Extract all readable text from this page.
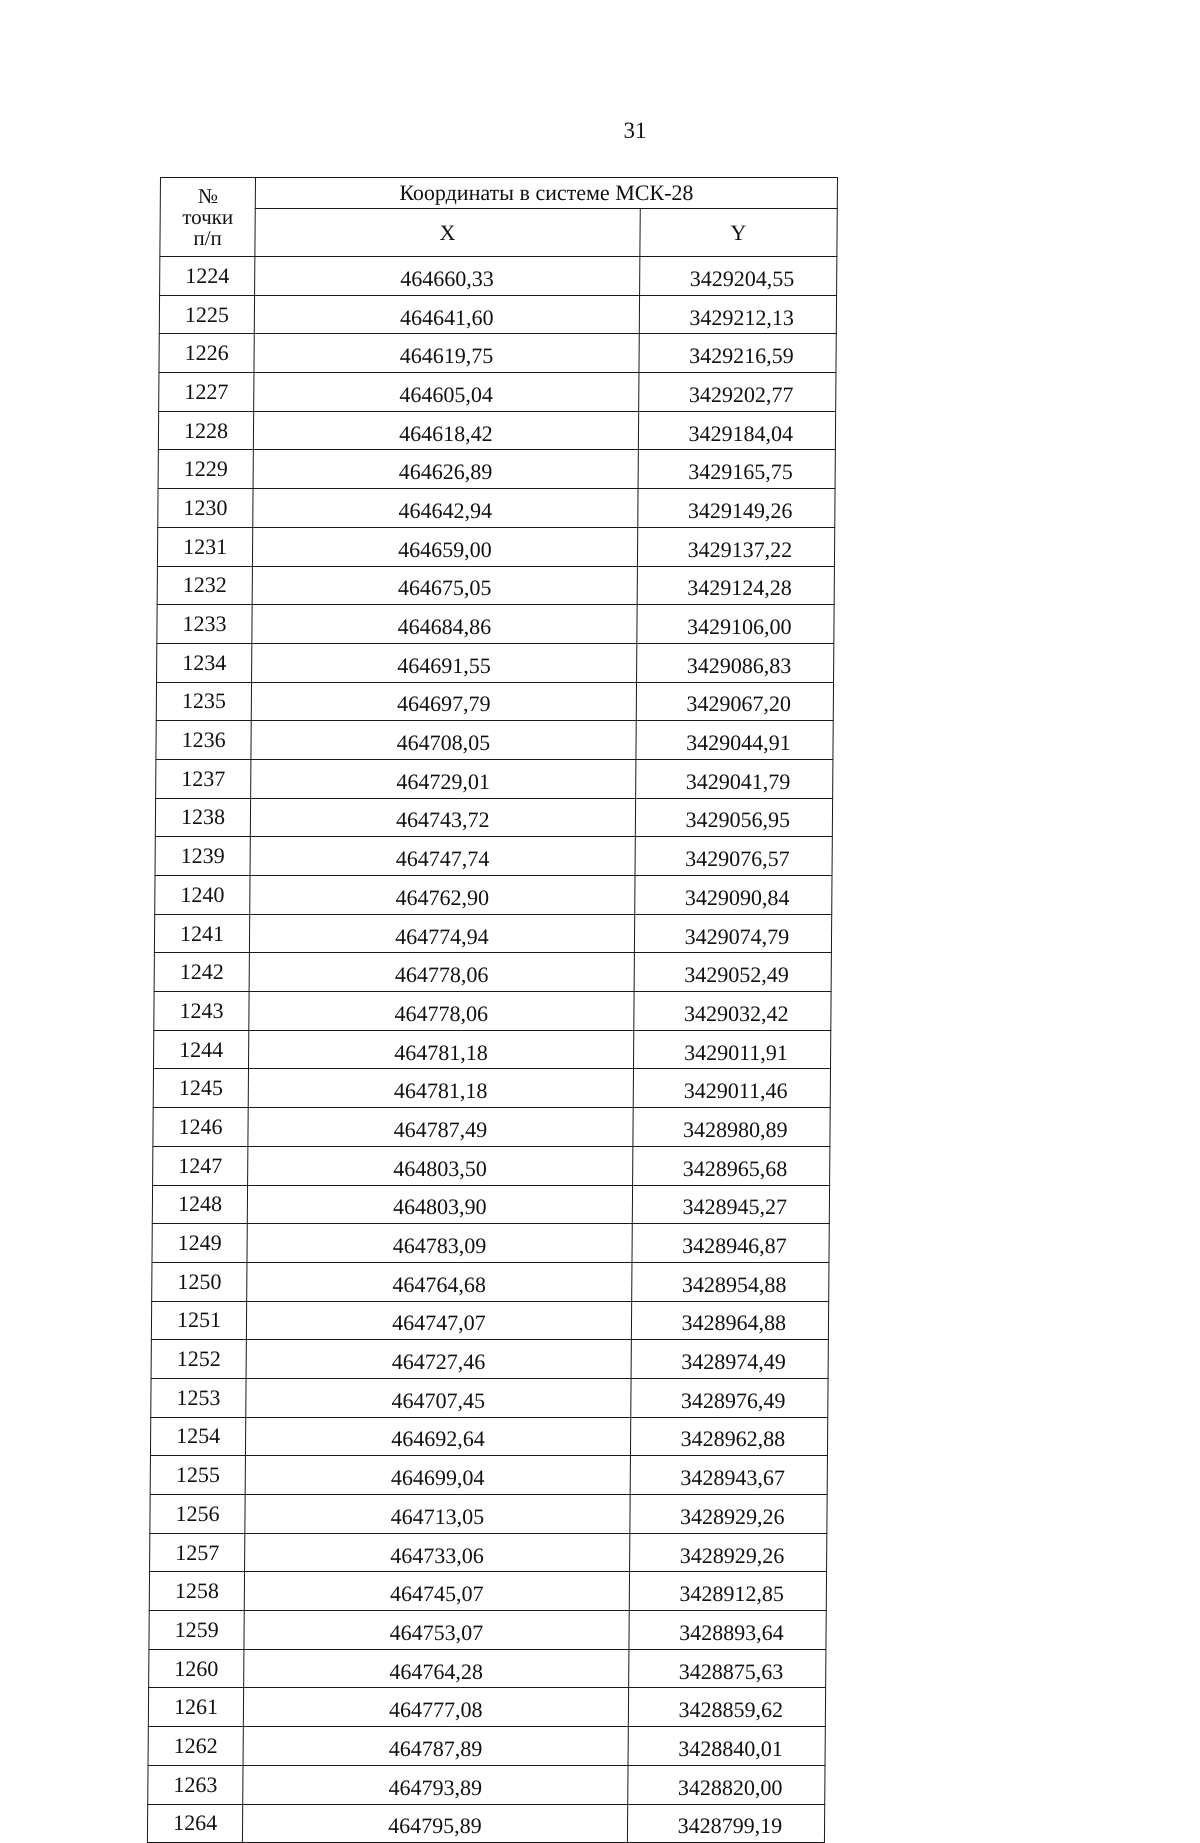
31
№
точки
п/п	Координаты в системе МСК-28	
	X	Y
1224	464660,33	3429204,55
1225	464641,60	3429212,13
1226	464619,75	3429216,59
1227	464605,04	3429202,77
1228	464618,42	3429184,04
1229	464626,89	3429165,75
1230	464642,94	3429149,26
1231	464659,00	3429137,22
1232	464675,05	3429124,28
1233	464684,86	3429106,00
1234	464691,55	3429086,83
1235	464697,79	3429067,20
1236	464708,05	3429044,91
1237	464729,01	3429041,79
1238	464743,72	3429056,95
1239	464747,74	3429076,57
1240	464762,90	3429090,84
1241	464774,94	3429074,79
1242	464778,06	3429052,49
1243	464778,06	3429032,42
1244	464781,18	3429011,91
1245	464781,18	3429011,46
1246	464787,49	3428980,89
1247	464803,50	3428965,68
1248	464803,90	3428945,27
1249	464783,09	3428946,87
1250	464764,68	3428954,88
1251	464747,07	3428964,88
1252	464727,46	3428974,49
1253	464707,45	3428976,49
1254	464692,64	3428962,88
1255	464699,04	3428943,67
1256	464713,05	3428929,26
1257	464733,06	3428929,26
1258	464745,07	3428912,85
1259	464753,07	3428893,64
1260	464764,28	3428875,63
1261	464777,08	3428859,62
1262	464787,89	3428840,01
1263	464793,89	3428820,00
1264	464795,89	3428799,19
